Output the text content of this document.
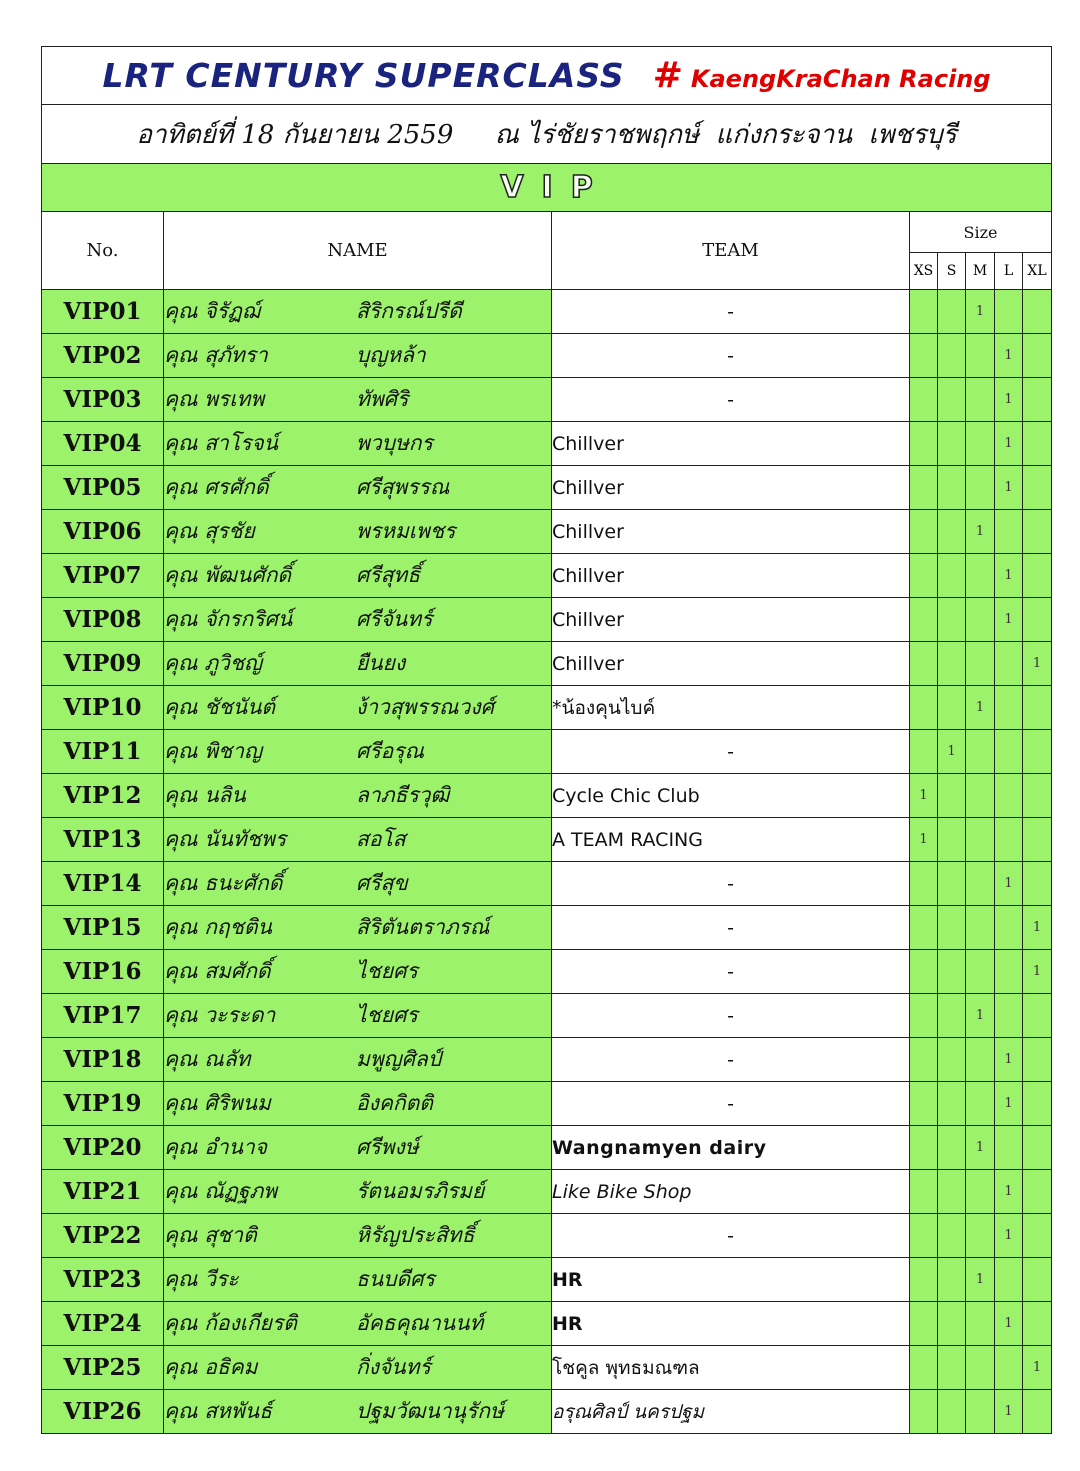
LRT CENTURY SUPERCLASS # KaengKraChan Racing							
อาทิตย์ที่ 18 กันยายน 2559     ณ ไร่ชัยราชพฤกษ์  แก่งกระจาน  เพชรบุรี							
VIP							
No.	NAME	TEAM	Size				
			XS	S	M	L	XL
VIP01	คุณ จิรัฏฌ์ สิริกรณ์ปรีดี	-			1		
VIP02	คุณ สุภัทรา บุญหล้า	-				1	
VIP03	คุณ พรเทพ ทัพศิริ	-				1	
VIP04	คุณ สาโรจน์ พวบุษกร	Chillver				1	
VIP05	คุณ ศรศักดิ์ ศรีสุพรรณ	Chillver				1	
VIP06	คุณ สุรชัย พรหมเพชร	Chillver			1		
VIP07	คุณ พัฒนศักดิ์ ศรีสุทธิ์	Chillver				1	
VIP08	คุณ จักรกริศน์ ศรีจันทร์	Chillver				1	
VIP09	คุณ ภูวิชญ์ ยืนยง	Chillver					1
VIP10	คุณ ชัชนันต์ ง้าวสุพรรณวงศ์	*น้องคุนไบค์			1		
VIP11	คุณ พิชาญ ศรีอรุณ	-		1			
VIP12	คุณ นลิน ลาภธีรวุฒิ	Cycle Chic Club	1				
VIP13	คุณ นันทัชพร สอโส	A TEAM RACING	1				
VIP14	คุณ ธนะศักดิ์ ศรีสุข	-				1	
VIP15	คุณ กฤชติน สิริตันตราภรณ์	-					1
VIP16	คุณ สมศักดิ์ ไชยศร	-					1
VIP17	คุณ วะระดา ไชยศร	-			1		
VIP18	คุณ ณลัท มพูญศิลป์	-				1	
VIP19	คุณ ศิริพนม อิงคกิตติ	-				1	
VIP20	คุณ อำนาจ ศรีพงษ์	Wangnamyen dairy			1		
VIP21	คุณ ณัฏฐภพ รัตนอมรภิรมย์	Like Bike Shop				1	
VIP22	คุณ สุชาติ หิรัญประสิทธิ์	-				1	
VIP23	คุณ วีระ ธนบดีศร	HR			1		
VIP24	คุณ ก้องเกียรติ อัคธคุณานนท์	HR				1	
VIP25	คุณ อธิคม กิ่งจันทร์	โชคูล พุทธมณฑล					1
VIP26	คุณ สหพันธ์ ปฐมวัฒนานุรักษ์	อรุณศิลป์ นครปฐม				1	
